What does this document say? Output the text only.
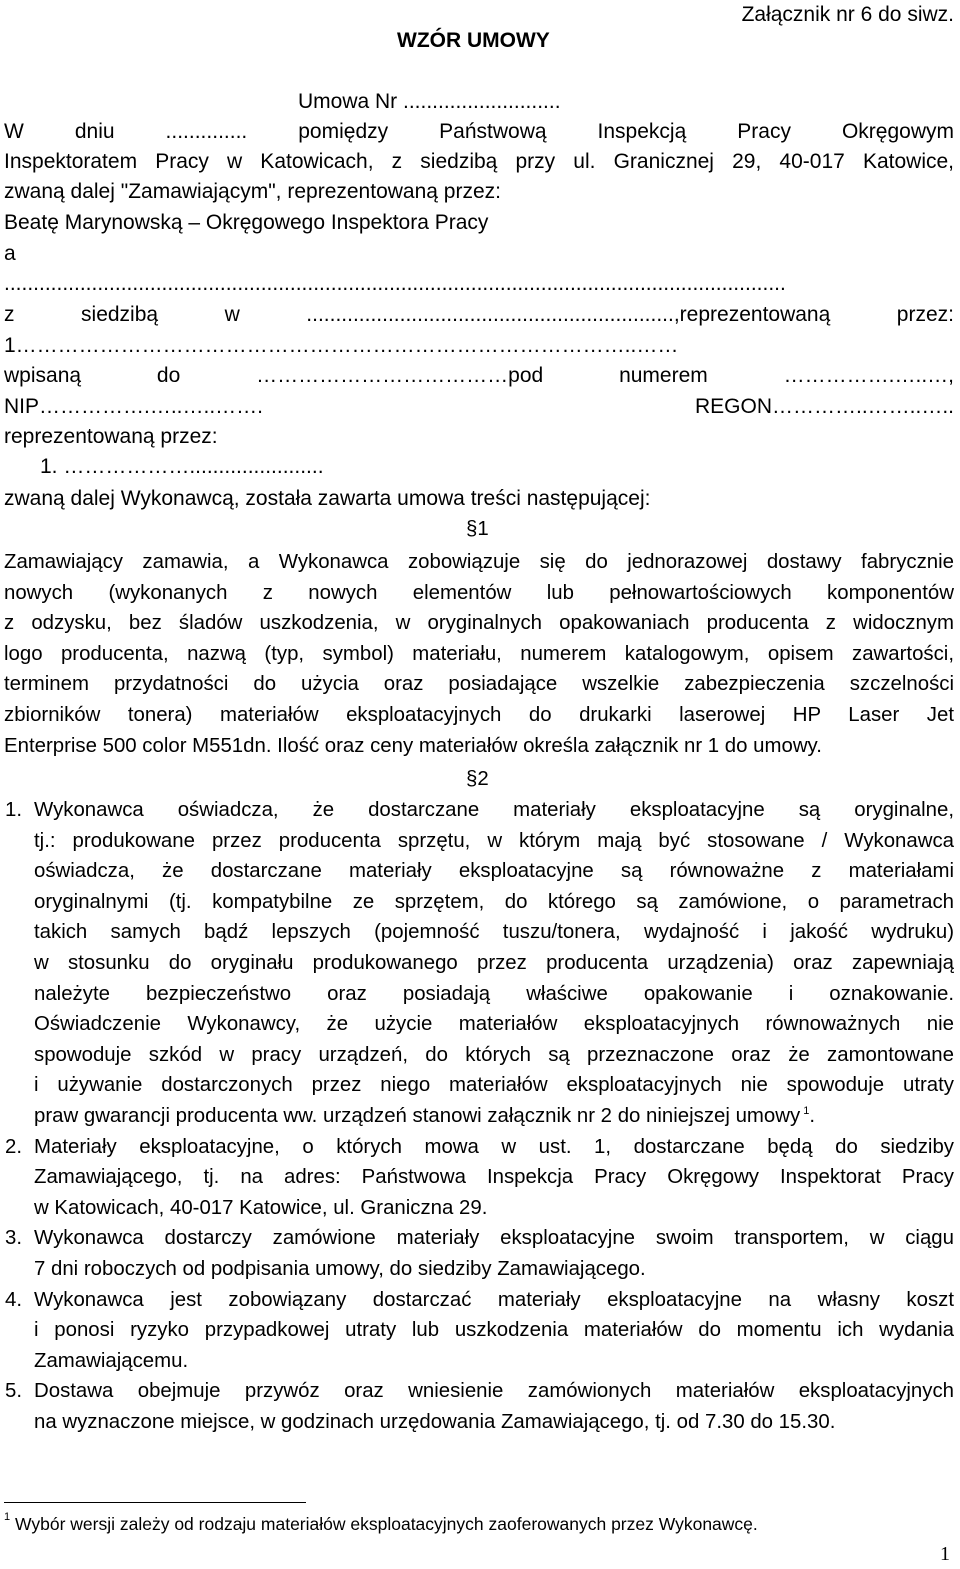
Załącznik nr 6 do siwz.
WZÓR UMOWY
Umowa Nr ...........................
W dniu .............. pomiędzy Państwową Inspekcją Pracy Okręgowym
Inspektoratem Pracy w Katowicach, z siedzibą przy ul. Granicznej 29, 40-017 Katowice,
zwaną dalej "Zamawiającym", reprezentowaną przez:
Beatę Marynowską – Okręgowego Inspektora Pracy
a
......................................................................................................................................
z siedzibą w ...............................................................,reprezentowaną przez:
1……………………………………………………………………………..……
wpisaną do ………………………………pod numerem …………….…..…,
NIP…………….…..…..……. REGON…………..……..…..
reprezentowaną przez:
1. ……………….......................
zwaną dalej Wykonawcą, została zawarta umowa treści następującej:
§1
Zamawiający zamawia, a Wykonawca zobowiązuje się do jednorazowej dostawy fabrycznie
nowych (wykonanych z nowych elementów lub pełnowartościowych komponentów
z odzysku, bez śladów uszkodzenia, w oryginalnych opakowaniach producenta z widocznym
logo producenta, nazwą (typ, symbol) materiału, numerem katalogowym, opisem zawartości,
terminem przydatności do użycia oraz posiadające wszelkie zabezpieczenia szczelności
zbiorników tonera) materiałów eksploatacyjnych do drukarki laserowej HP Laser Jet
Enterprise 500 color M551dn. Ilość oraz ceny materiałów określa załącznik nr 1 do umowy.
§2
1. Wykonawca oświadcza, że dostarczane materiały eksploatacyjne są oryginalne,
tj.: produkowane przez producenta sprzętu, w którym mają być stosowane / Wykonawca
oświadcza, że dostarczane materiały eksploatacyjne są równoważne z materiałami
oryginalnymi (tj. kompatybilne ze sprzętem, do którego są zamówione, o parametrach
takich samych bądź lepszych (pojemność tuszu/tonera, wydajność i jakość wydruku)
w stosunku do oryginału produkowanego przez producenta urządzenia) oraz zapewniają
należyte bezpieczeństwo oraz posiadają właściwe opakowanie i oznakowanie.
Oświadczenie Wykonawcy, że użycie materiałów eksploatacyjnych równoważnych nie
spowoduje szkód w pracy urządzeń, do których są przeznaczone oraz że zamontowane
i używanie dostarczonych przez niego materiałów eksploatacyjnych nie spowoduje utraty
praw gwarancji producenta ww. urządzeń stanowi załącznik nr 2 do niniejszej umowy $^1$.
2. Materiały eksploatacyjne, o których mowa w ust. 1, dostarczane będą do siedziby
Zamawiającego, tj. na adres: Państwowa Inspekcja Pracy Okręgowy Inspektorat Pracy
w Katowicach, 40-017 Katowice, ul. Graniczna 29.
3. Wykonawca dostarczy zamówione materiały eksploatacyjne swoim transportem, w ciągu
7 dni roboczych od podpisania umowy, do siedziby Zamawiającego.
4. Wykonawca jest zobowiązany dostarczać materiały eksploatacyjne na własny koszt
i ponosi ryzyko przypadkowej utraty lub uszkodzenia materiałów do momentu ich wydania
Zamawiającemu.
5. Dostawa obejmuje przywóz oraz wniesienie zamówionych materiałów eksploatacyjnych
na wyznaczone miejsce, w godzinach urzędowania Zamawiającego, tj. od 7.30 do 15.30.
$^1$ Wybór wersji zależy od rodzaju materiałów eksploatacyjnych zaoferowanych przez Wykonawcę.
1
